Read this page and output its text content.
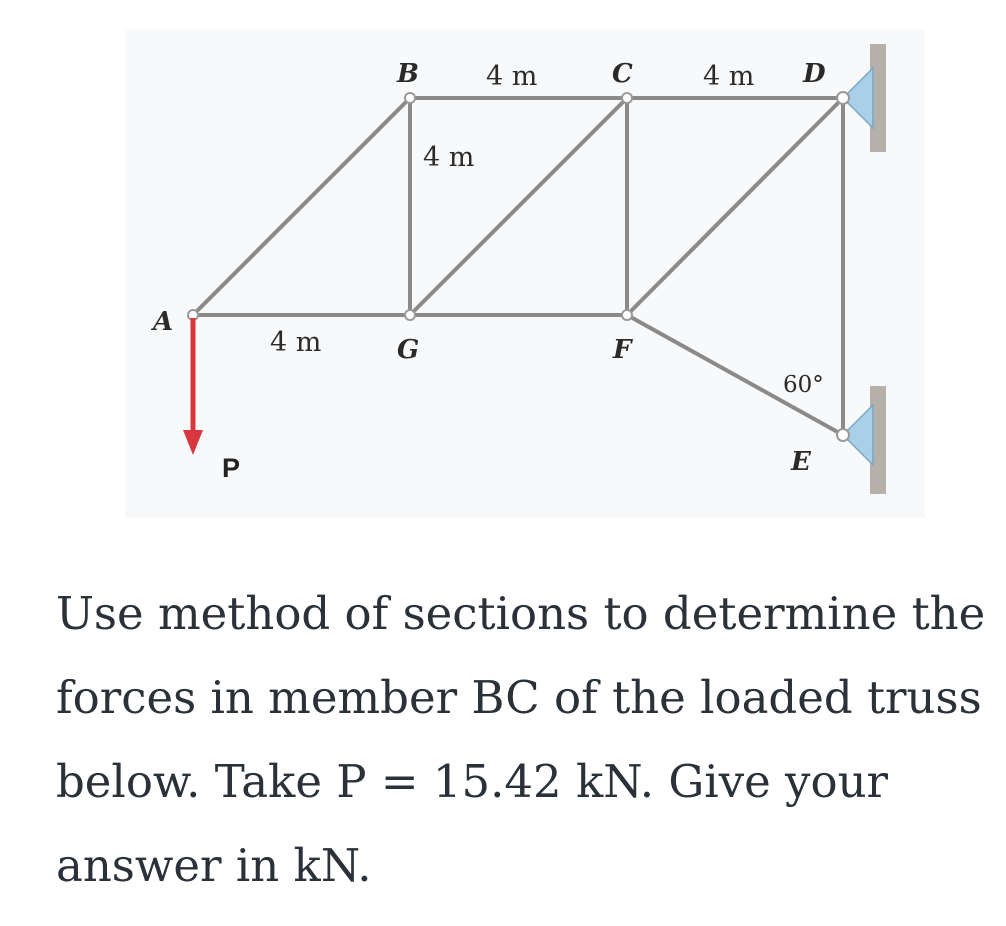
B	C	D
A
G	F
E
4 m	4 m
4 m
4 m
60°
P

Use method of sections to determine the
forces in member BC of the loaded truss
below. Take P = 15.42 kN. Give your
answer in kN.
